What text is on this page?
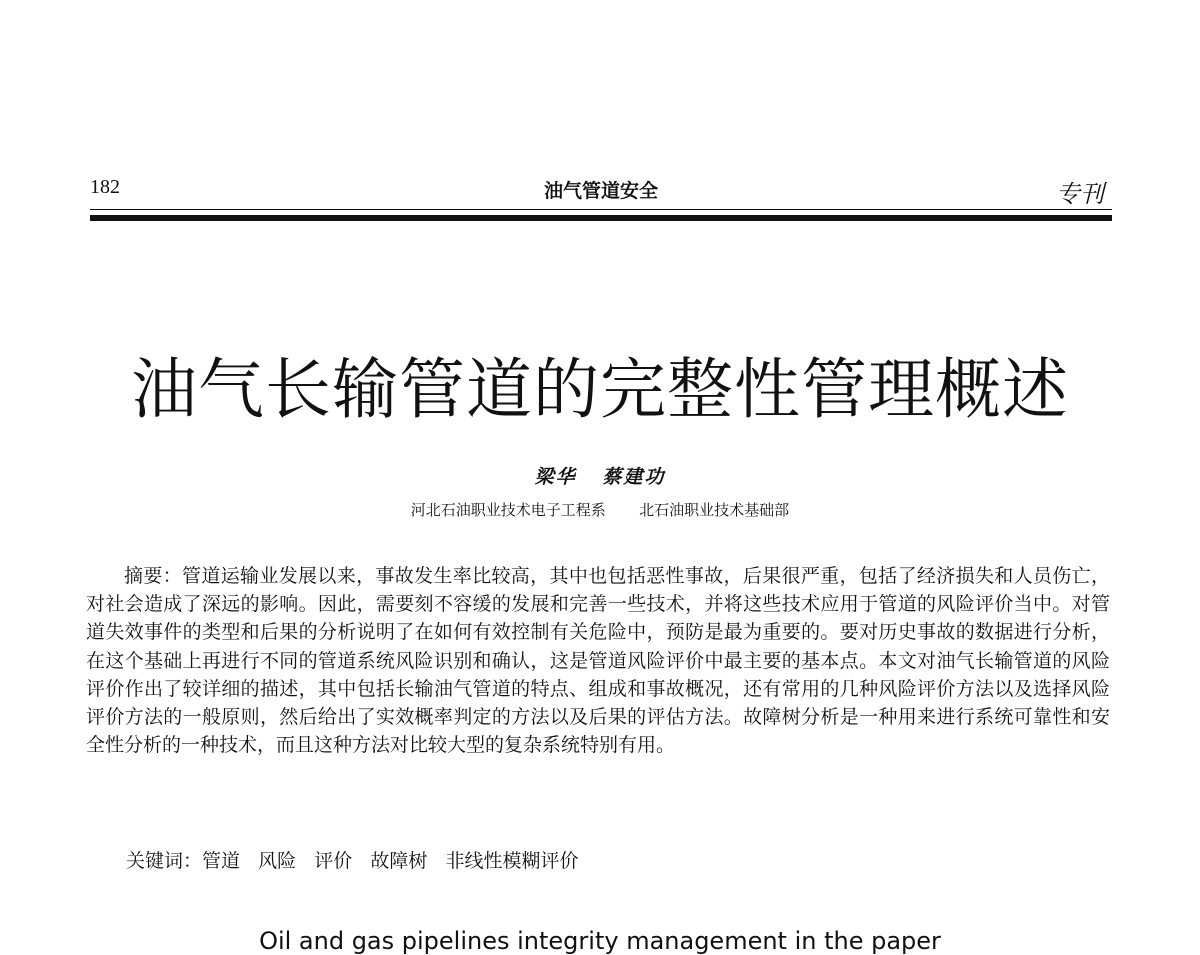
182	油气管道安全	专刊
油气长输管道的完整性管理概述
梁华   蔡建功
河北石油职业技术电子工程系       北石油职业技术基础部

摘要：管道运输业发展以来，事故发生率比较高，其中也包括恶性事故，后果很严重，包括了经济损失和人员伤亡，对社会造成了深远的影响。因此，需要刻不容缓的发展和完善一些技术，并将这些技术应用于管道的风险评价当中。对管道失效事件的类型和后果的分析说明了在如何有效控制有关危险中，预防是最为重要的。要对历史事故的数据进行分析，在这个基础上再进行不同的管道系统风险识别和确认，这是管道风险评价中最主要的基本点。本文对油气长输管道的风险评价作出了较详细的描述，其中包括长输油气管道的特点、组成和事故概况，还有常用的几种风险评价方法以及选择风险评价方法的一般原则，然后给出了实效概率判定的方法以及后果的评估方法。故障树分析是一种用来进行系统可靠性和安全性分析的一种技术，而且这种方法对比较大型的复杂系统特别有用。

关键词：管道   风险   评价   故障树   非线性模糊评价

Oil and gas pipelines integrity management in the paper
